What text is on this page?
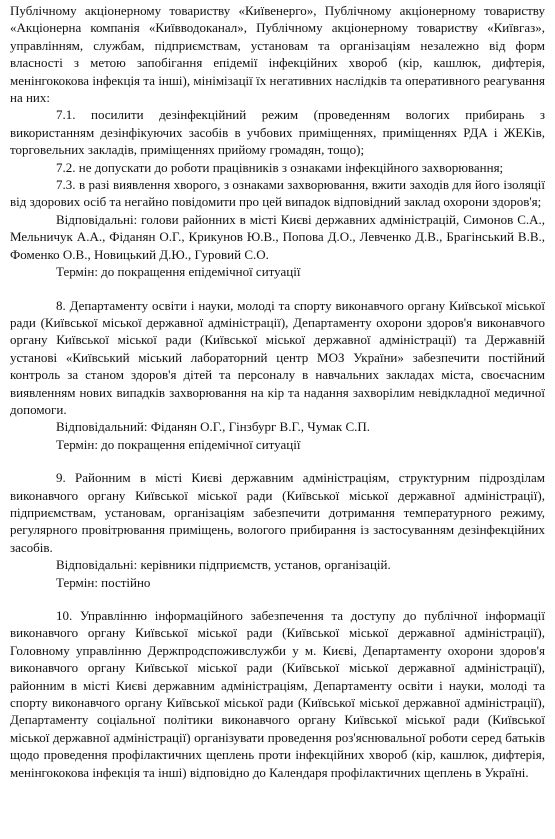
Публічному акціонерному товариству «Київенерго», Публічному акціонерному товариству «Акціонерна компанія «Київводоканал», Публічному акціонерному товариству «Київгаз», управлінням, службам, підприємствам, установам та організаціям незалежно від форм власності з метою запобігання епідемії інфекційних хвороб (кір, кашлюк, дифтерія, менінгококова інфекція та інші), мінімізації їх негативних наслідків та оперативного реагування на них:

7.1. посилити дезінфекційний режим (проведенням вологих прибирань з використанням дезінфікуючих засобів в учбових приміщеннях, приміщеннях РДА і ЖЕКів, торговельних закладів, приміщеннях прийому громадян, тощо);

7.2. не допускати до роботи працівників з ознаками інфекційного захворювання;

7.3. в разі виявлення хворого, з ознаками захворювання, вжити заходів для його ізоляції від здорових осіб та негайно повідомити про цей випадок відповідний заклад охорони здоров'я;

Відповідальні: голови районних в місті Києві державних адміністрацій, Симонов С.А., Мельничук А.А., Фіданян О.Г., Крикунов Ю.В., Попова Д.О., Левченко Д.В., Брагінський В.В., Фоменко О.В., Новицький Д.Ю., Гуровий С.О.

Термін: до покращення епідемічної ситуації

8. Департаменту освіти і науки, молоді та спорту виконавчого органу Київської міської ради (Київської міської державної адміністрації), Департаменту охорони здоров'я виконавчого органу Київської міської ради (Київської міської державної адміністрації) та Державній установі «Київський міський лабораторний центр МОЗ України» забезпечити постійний контроль за станом здоров'я дітей та персоналу в навчальних закладах міста, своєчасним виявленням нових випадків захворювання на кір та надання захворілим невідкладної медичної допомоги.

Відповідальний: Фіданян О.Г., Гінзбург В.Г., Чумак С.П.

Термін: до покращення епідемічної ситуації

9. Районним в місті Києві державним адміністраціям, структурним підрозділам виконавчого органу Київської міської ради (Київської міської державної адміністрації), підприємствам, установам, організаціям забезпечити дотримання температурного режиму, регулярного провітрювання приміщень, вологого прибирання із застосуванням дезінфекційних засобів.

Відповідальні: керівники підприємств, установ, організацій.

Термін: постійно

10. Управлінню інформаційного забезпечення та доступу до публічної інформації виконавчого органу Київської міської ради (Київської міської державної адміністрації), Головному управлінню Держпродспоживслужби у м. Києві, Департаменту охорони здоров'я виконавчого органу Київської міської ради (Київської міської державної адміністрації), районним в місті Києві державним адміністраціям, Департаменту освіти і науки, молоді та спорту виконавчого органу Київської міської ради (Київської міської державної адміністрації), Департаменту соціальної політики виконавчого органу Київської міської ради (Київської міської державної адміністрації) організувати проведення роз'яснювальної роботи серед батьків щодо проведення профілактичних щеплень проти інфекційних хвороб (кір, кашлюк, дифтерія, менінгококова інфекція та інші) відповідно до Календаря профілактичних щеплень в Україні.
